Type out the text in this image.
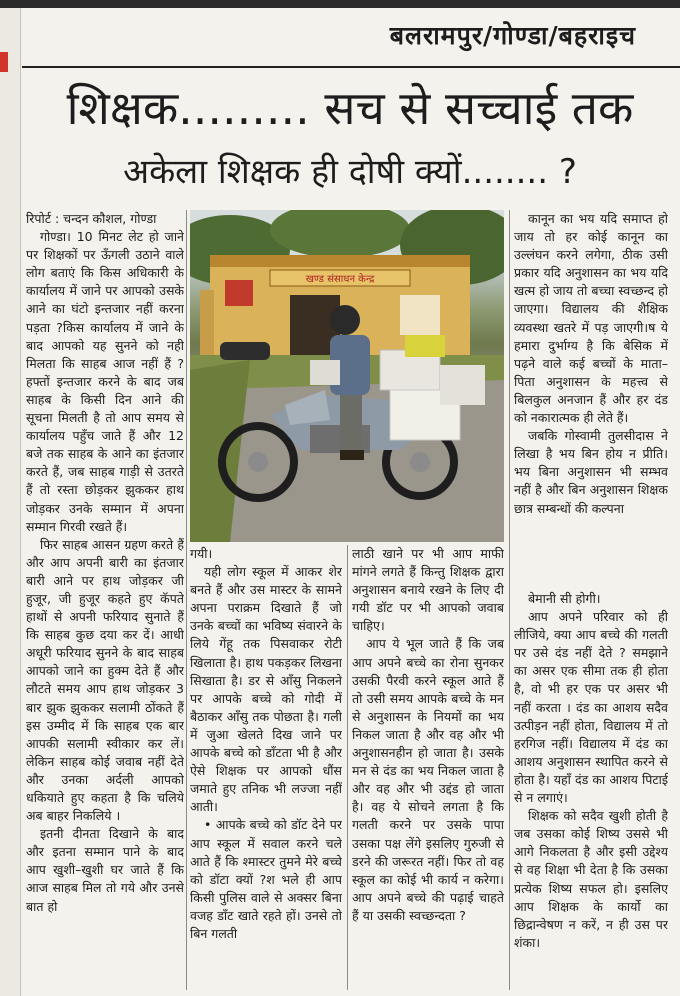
बलरामपुर/गोण्डा/बहराइच
शिक्षक......... सच से सच्चाई तक
अकेला शिक्षक ही दोषी क्यों........ ?

रिपोर्ट : चन्दन कौशल, गोण्डा

गोण्डा। 10 मिनट लेट हो जाने पर शिक्षकों पर ऊँगली उठाने वाले लोग बताएं कि किस अधिकारी के कार्यालय में जाने पर आपको उसके आने का घंटो इन्तजार नहीं करना पड़ता ?किस कार्यालय में जाने के बाद आपको यह सुनने को नही मिलता कि साहब आज नहीं हैं ? हफ्तों इन्तजार करने के बाद जब साहब के किसी दिन आने की सूचना मिलती है तो आप समय से कार्यालय पहुँच जाते हैं और 12 बजे तक साहब के आने का इंतजार करते हैं, जब साहब गाड़ी से उतरते हैं तो रस्ता छोड़कर झुककर हाथ जोड़कर उनके सम्मान में अपना सम्मान गिरवी रखते हैं।

फिर साहब आसन ग्रहण करते हैं और आप अपनी बारी का इंतजार बारी आने पर हाथ जोड़कर जी हुजूर, जी हुजूर कहते हुए कॅपते हाथों से अपनी फरियाद सुनाते हैं कि साहब कुछ दया कर दें। आधी अधूरी फरियाद सुनने के बाद साहब आपको जाने का हुक्म देते हैं और लौटते समय आप हाथ जोड़कर 3 बार झुक झुककर सलामी ठोंकते हैं इस उम्मीद में कि साहब एक बार आपकी सलामी स्वीकार कर लें। लेकिन साहब कोई जवाब नहीं देते और उनका अर्दली आपको धकियाते हुए कहता है कि चलिये अब बाहर निकलिये ।

इतनी दीनता दिखाने के बाद और इतना सम्मान पाने के बाद आप खुशी–खुशी घर जाते हैं कि आज साहब मिल तो गये और उनसे बात हो

खण्ड संसाधन केन्द्र

गयी।

यही लोग स्कूल में आकर शेर बनते हैं और उस मास्टर के सामने अपना पराक्रम दिखाते हैं जो उनके बच्चों का भविष्य संवारने के लिये गेंहू तक पिसवाकर रोटी खिलाता है। हाथ पकड़कर लिखना सिखाता है। डर से आँसु निकलने पर आपके बच्चे को गोदी में बैठाकर आँसु तक पोछता है। गली में जुआ खेलते दिख जाने पर आपके बच्चे को डाँटता भी है और ऐसे शिक्षक पर आपको धौंस जमाते हुए तनिक भी लज्जा नहीं आती।

• आपके बच्चे को डॉट देने पर आप स्कूल में सवाल करने चले आते हैं कि श्मास्टर तुमने मेरे बच्चे को डॉटा क्यों ?श भले ही आप किसी पुलिस वाले से अक्सर बिना वजह डाँट खाते रहते हों। उनसे तो बिन गलती

लाठी खाने पर भी आप माफी मांगने लगते हैं किन्तु शिक्षक द्वारा अनुशासन बनाये रखने के लिए दी गयी डॉट पर भी आपको जवाब चाहिए।

आप ये भूल जाते हैं कि जब आप अपने बच्चे का रोना सुनकर उसकी पैरवी करने स्कूल आते हैं तो उसी समय आपके बच्चे के मन से अनुशासन के नियमों का भय निकल जाता है और वह और भी अनुशासनहीन हो जाता है। उसके मन से दंड का भय निकल जाता है और वह और भी उद्दंड हो जाता है। वह ये सोचने लगता है कि गलती करने पर उसके पापा उसका पक्ष लेंगे इसलिए गुरुजी से डरने की जरूरत नहीं। फिर तो वह स्कूल का कोई भी कार्य न करेगा। आप अपने बच्चे की पढ़ाई चाहते हैं या उसकी स्वच्छन्दता ?

कानून का भय यदि समाप्त हो जाय तो हर कोई कानून का उल्लंघन करने लगेगा, ठीक उसी प्रकार यदि अनुशासन का भय यदि खत्म हो जाय तो बच्चा स्वच्छन्द हो जाएगा। विद्यालय की शैक्षिक व्यवस्था खतरे में पड़ जाएगी।ष ये हमारा दुर्भाग्य है कि बेसिक में पढ़ने वाले कई बच्चों के माता–पिता अनुशासन के महत्त्व से बिलकुल अनजान हैं और हर दंड को नकारात्मक ही लेते हैं।

जबकि गोस्वामी तुलसीदास ने लिखा है भय बिन होय न प्रीति। भय बिना अनुशासन भी सम्भव नहीं है और बिन अनुशासन शिक्षक छात्र सम्बन्धों की कल्पना

बेमानी सी होगी।

आप अपने परिवार को ही लीजिये, क्या आप बच्चे की गलती पर उसे दंड नहीं देते ? समझाने का असर एक सीमा तक ही होता है, वो भी हर एक पर असर भी नहीं करता । दंड का आशय सदैव उत्पीड़न नहीं होता, विद्यालय में तो हरगिज नहीं। विद्यालय में दंड का आशय अनुशासन स्थापित करने से होता है। यहाँ दंड का आशय पिटाई से न लगाएं।

शिक्षक को सदैव खुशी होती है जब उसका कोई शिष्य उससे भी आगे निकलता है और इसी उद्देश्य से वह शिक्षा भी देता है कि उसका प्रत्येक शिष्य सफल हो। इसलिए आप शिक्षक के कार्यो का छिद्रान्वेषण न करें, न ही उस पर शंका।
